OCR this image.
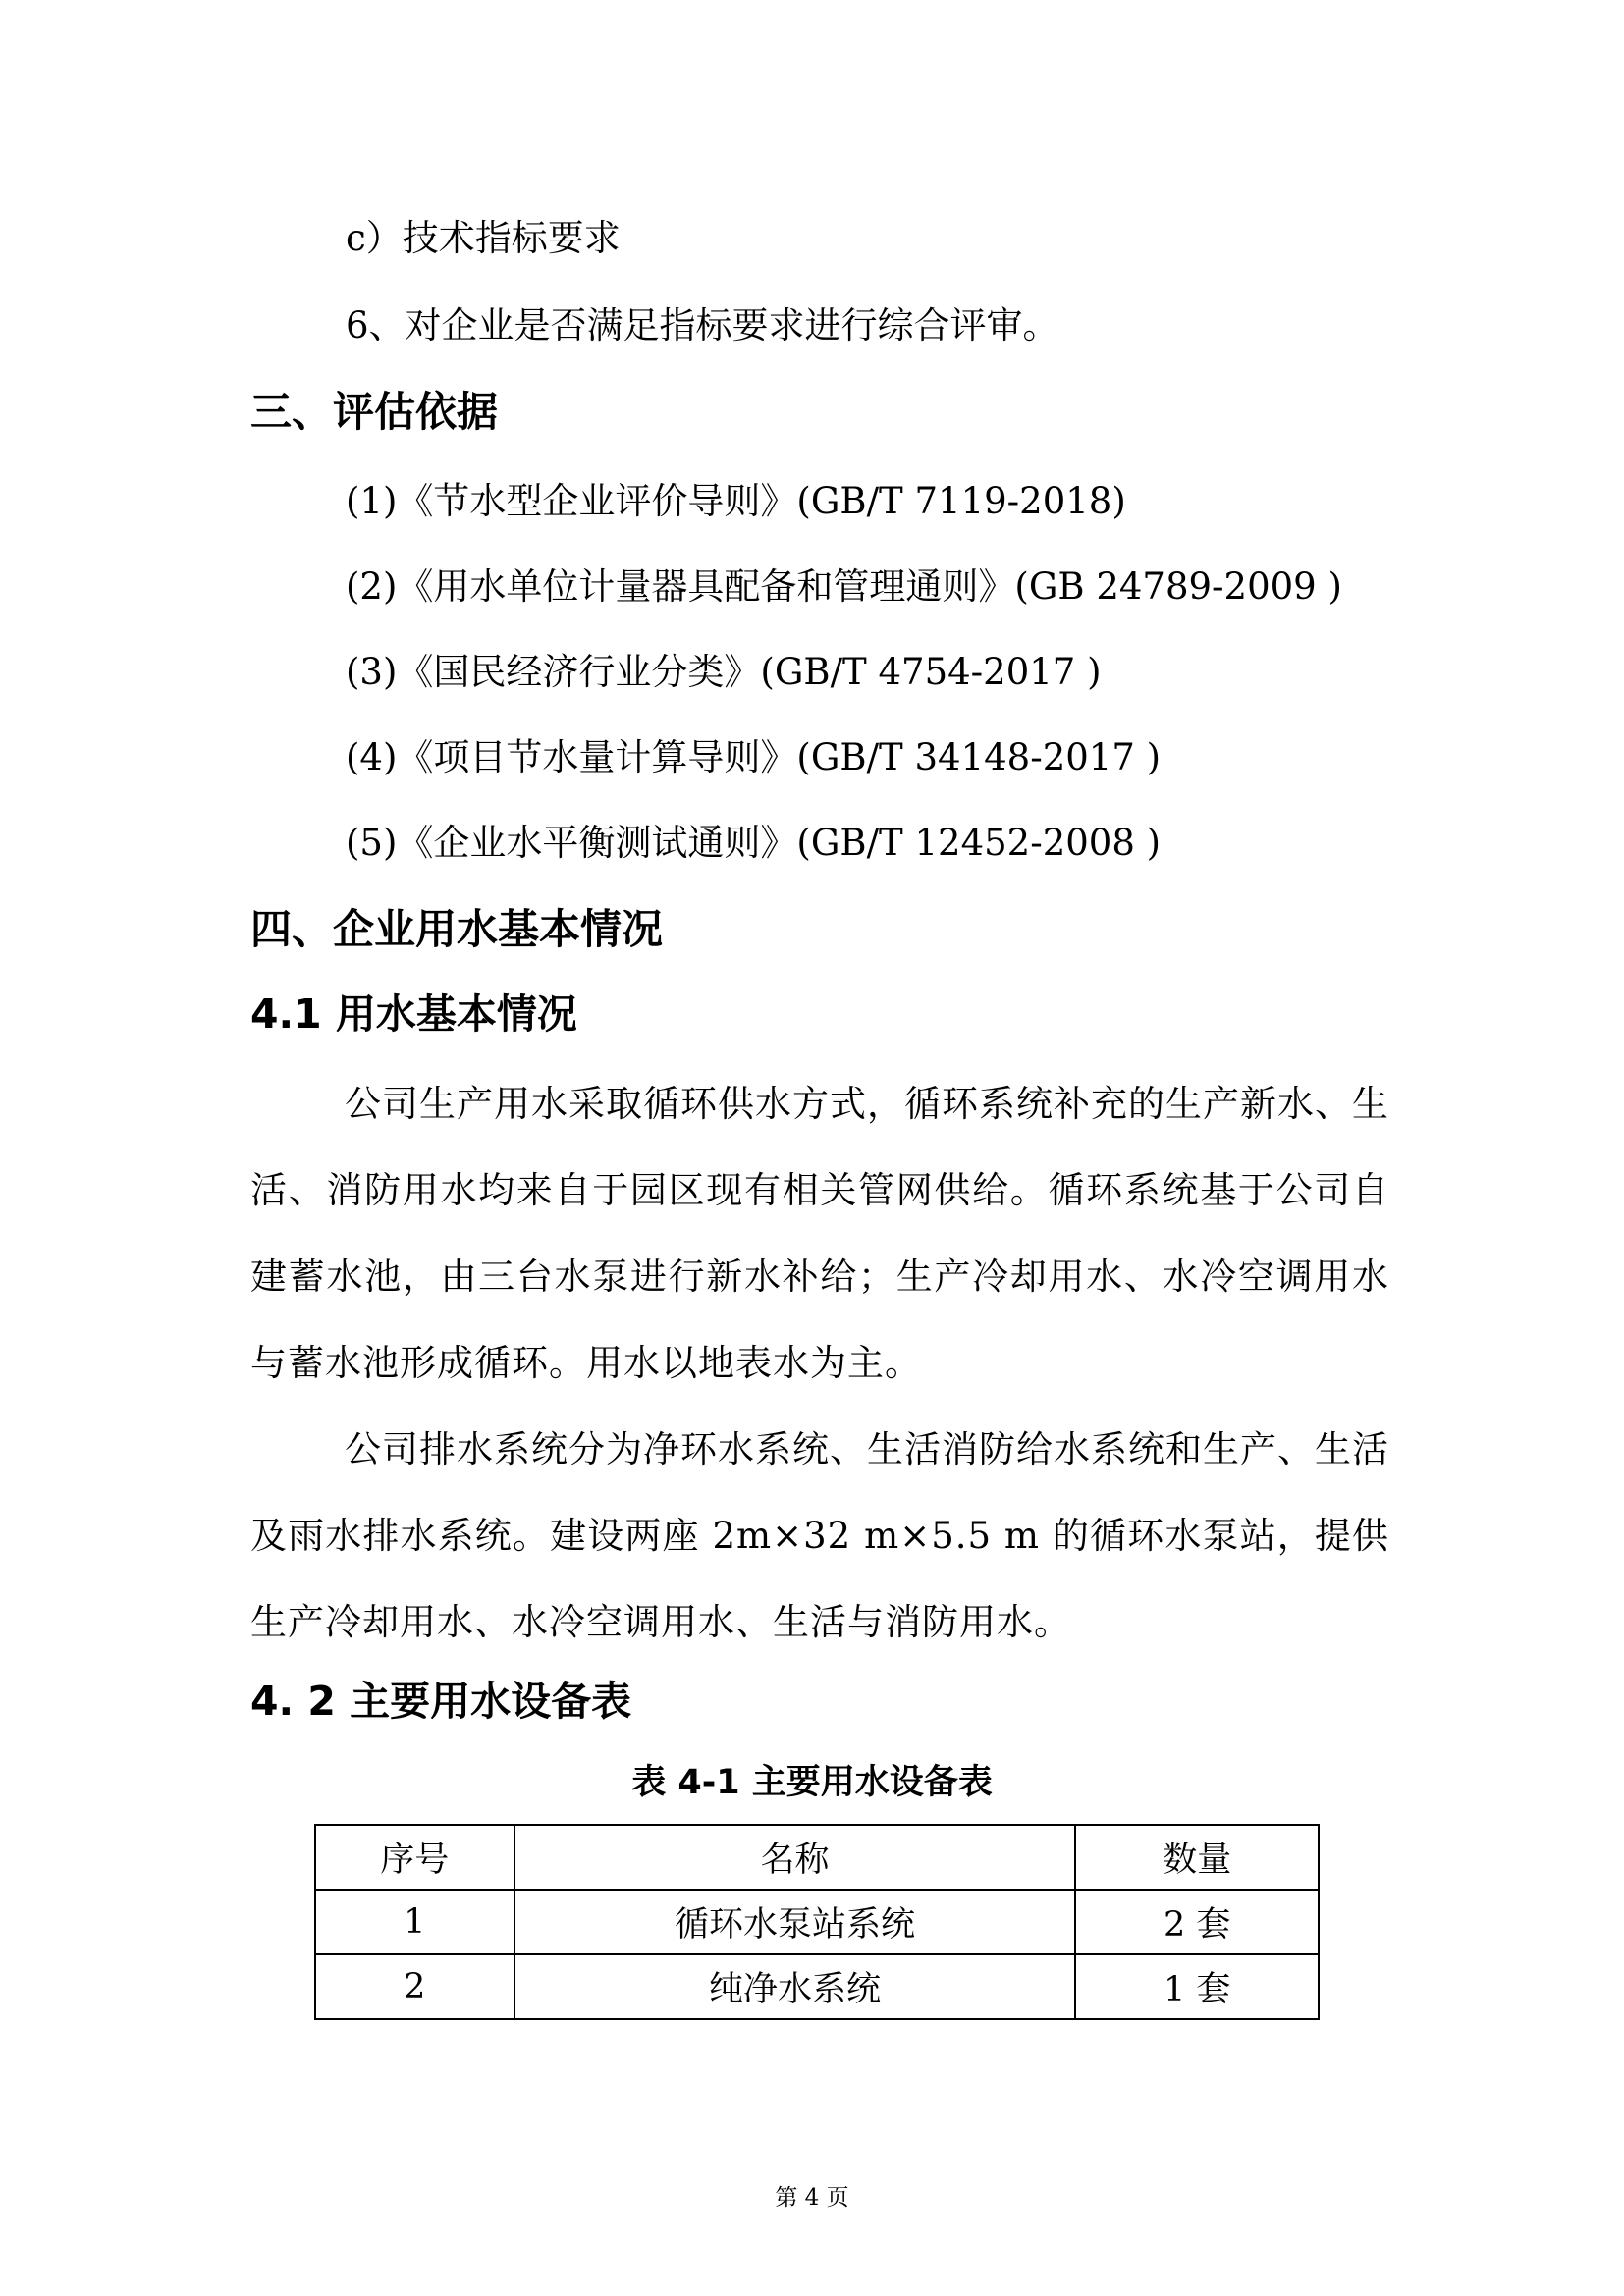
c）技术指标要求
6、对企业是否满足指标要求进行综合评审。
三、评估依据
(1)《节水型企业评价导则》(GB/T 7119-2018)
(2)《用水单位计量器具配备和管理通则》(GB 24789-2009 )
(3)《国民经济行业分类》(GB/T 4754-2017 )
(4)《项目节水量计算导则》(GB/T 34148-2017 )
(5)《企业水平衡测试通则》(GB/T 12452-2008 )
四、企业用水基本情况
4.1 用水基本情况
公司生产用水采取循环供水方式，循环系统补充的生产新水、生活、消防用水均来自于园区现有相关管网供给。循环系统基于公司自建蓄水池，由三台水泵进行新水补给；生产冷却用水、水冷空调用水与蓄水池形成循环。用水以地表水为主。
公司排水系统分为净环水系统、生活消防给水系统和生产、生活及雨水排水系统。建设两座 2m×32 m×5.5 m 的循环水泵站，提供生产冷却用水、水冷空调用水、生活与消防用水。
4. 2 主要用水设备表
表 4-1 主要用水设备表
序号	名称	数量
1	循环水泵站系统	2 套
2	纯净水系统	1 套
第 4 页
